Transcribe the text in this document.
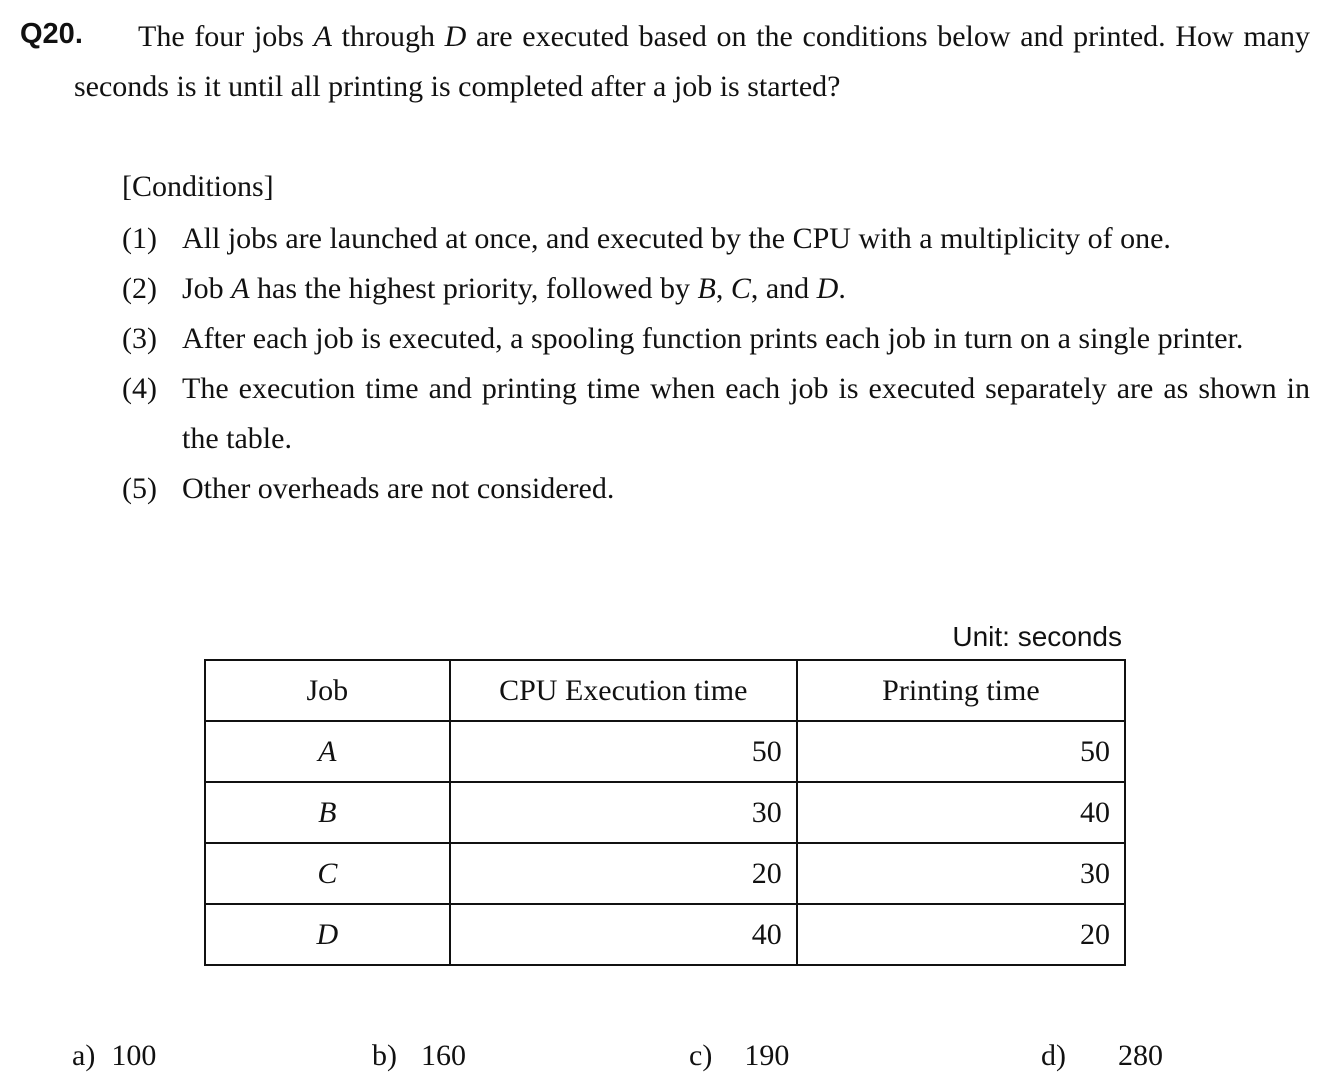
Q20.	The four jobs A through D are executed based on the conditions below and printed. How many seconds is it until all printing is completed after a job is started?
[Conditions]
(1) All jobs are launched at once, and executed by the CPU with a multiplicity of one.
(2) Job A has the highest priority, followed by B, C, and D.
(3) After each job is executed, a spooling function prints each job in turn on a single printer.
(4) The execution time and printing time when each job is executed separately are as shown in the table.
(5) Other overheads are not considered.
Unit: seconds
Job	CPU Execution time	Printing time
A	50	50
B	30	40
C	20	30
D	40	20
a) 100	b) 160	c) 190	d) 280
